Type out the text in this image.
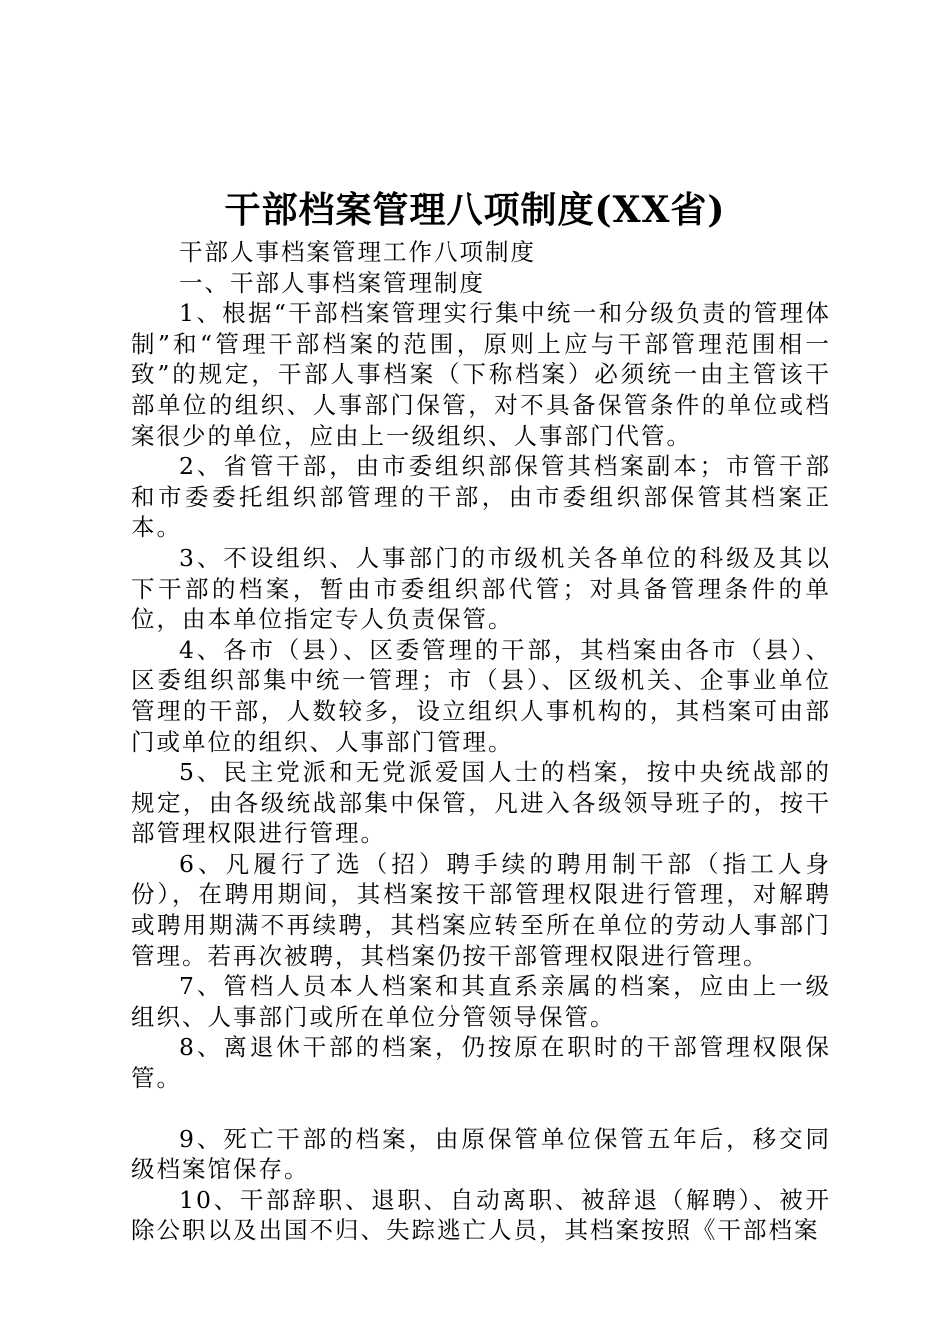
干部档案管理八项制度(XX省)

干部人事档案管理工作八项制度

一、干部人事档案管理制度

1、根据“干部档案管理实行集中统一和分级负责的管理体制”和“管理干部档案的范围，原则上应与干部管理范围相一致”的规定，干部人事档案（下称档案）必须统一由主管该干部单位的组织、人事部门保管，对不具备保管条件的单位或档案很少的单位，应由上一级组织、人事部门代管。

2、省管干部，由市委组织部保管其档案副本；市管干部和市委委托组织部管理的干部，由市委组织部保管其档案正本。

3、不设组织、人事部门的市级机关各单位的科级及其以下干部的档案，暂由市委组织部代管；对具备管理条件的单位，由本单位指定专人负责保管。

4、各市（县）、区委管理的干部，其档案由各市（县）、区委组织部集中统一管理；市（县）、区级机关、企事业单位管理的干部，人数较多，设立组织人事机构的，其档案可由部门或单位的组织、人事部门管理。

5、民主党派和无党派爱国人士的档案，按中央统战部的规定，由各级统战部集中保管，凡进入各级领导班子的，按干部管理权限进行管理。

6、凡履行了选（招）聘手续的聘用制干部（指工人身份），在聘用期间，其档案按干部管理权限进行管理，对解聘或聘用期满不再续聘，其档案应转至所在单位的劳动人事部门管理。若再次被聘，其档案仍按干部管理权限进行管理。

7、管档人员本人档案和其直系亲属的档案，应由上一级组织、人事部门或所在单位分管领导保管。

8、离退休干部的档案，仍按原在职时的干部管理权限保管。

9、死亡干部的档案，由原保管单位保管五年后，移交同级档案馆保存。

10、干部辞职、退职、自动离职、被辞退（解聘）、被开除公职以及出国不归、失踪逃亡人员，其档案按照《干部档案
